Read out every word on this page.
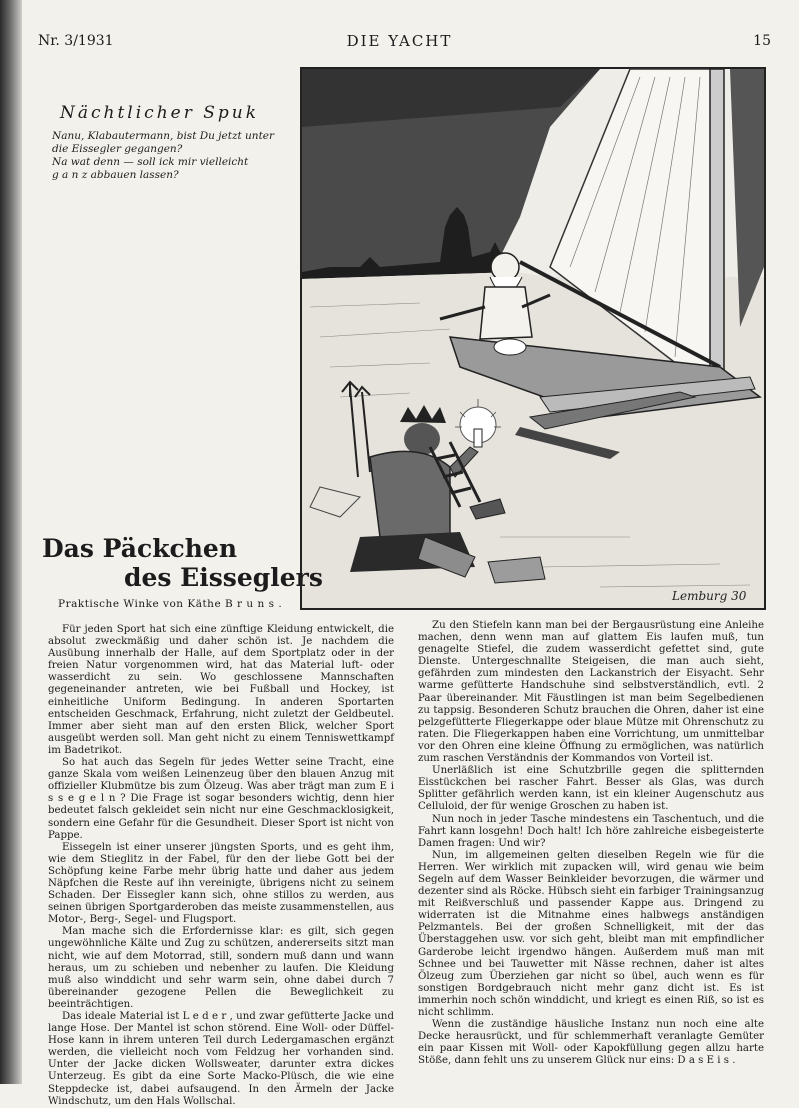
Nr. 3/1931	DIE YACHT	15
Nächtlicher Spuk
Nanu, Klabautermann, bist Du jetzt unter
die Eissegler gegangen?
Na wat denn — soll ick mir vielleicht
g a n z abbauen lassen?
Lemburg 30
Das Päckchen
des Eisseglers
Praktische Winke von Käthe B r u n s .

Für jeden Sport hat sich eine zünftige Kleidung entwickelt, die absolut zweckmäßig und daher schön ist. Je nachdem die Ausübung innerhalb der Halle, auf dem Sportplatz oder in der freien Natur vorgenommen wird, hat das Material luft- oder wasserdicht zu sein. Wo geschlossene Mannschaften gegeneinander antreten, wie bei Fußball und Hockey, ist einheitliche Uniform Bedingung. In anderen Sportarten entscheiden Geschmack, Erfahrung, nicht zuletzt der Geldbeutel. Immer aber sieht man auf den ersten Blick, welcher Sport ausgeübt werden soll. Man geht nicht zu einem Tenniswettkampf im Badetrikot.

So hat auch das Segeln für jedes Wetter seine Tracht, eine ganze Skala vom weißen Leinenzeug über den blauen Anzug mit offizieller Klubmütze bis zum Ölzeug. Was aber trägt man zum E i s s e g e l n ? Die Frage ist sogar besonders wichtig, denn hier bedeutet falsch gekleidet sein nicht nur eine Geschmacklosigkeit, sondern eine Gefahr für die Gesundheit. Dieser Sport ist nicht von Pappe.

Eissegeln ist einer unserer jüngsten Sports, und es geht ihm, wie dem Stieglitz in der Fabel, für den der liebe Gott bei der Schöpfung keine Farbe mehr übrig hatte und daher aus jedem Näpfchen die Reste auf ihn vereinigte, übrigens nicht zu seinem Schaden. Der Eissegler kann sich, ohne stillos zu werden, aus seinen übrigen Sportgarderoben das meiste zusammenstellen, aus Motor-, Berg-, Segel- und Flugsport.

Man mache sich die Erfordernisse klar: es gilt, sich gegen ungewöhnliche Kälte und Zug zu schützen, andererseits sitzt man nicht, wie auf dem Motorrad, still, sondern muß dann und wann heraus, um zu schieben und nebenher zu laufen. Die Kleidung muß also winddicht und sehr warm sein, ohne dabei durch 7 übereinander gezogene Pellen die Beweglichkeit zu beeinträchtigen.

Das ideale Material ist L e d e r , und zwar gefütterte Jacke und lange Hose. Der Mantel ist schon störend. Eine Woll- oder Düffel-Hose kann in ihrem unteren Teil durch Ledergamaschen ergänzt werden, die vielleicht noch vom Feldzug her vorhanden sind. Unter der Jacke dicken Wollsweater, darunter extra dickes Unterzeug. Es gibt da eine Sorte Macko-Plüsch, die wie eine Steppdecke ist, dabei aufsaugend. In den Ärmeln der Jacke Windschutz, um den Hals Wollschal.

Zu den Stiefeln kann man bei der Bergausrüstung eine Anleihe machen, denn wenn man auf glattem Eis laufen muß, tun genagelte Stiefel, die zudem wasserdicht gefettet sind, gute Dienste. Untergeschnallte Steigeisen, die man auch sieht, gefährden zum mindesten den Lackanstrich der Eisyacht. Sehr warme gefütterte Handschuhe sind selbstverständlich, evtl. 2 Paar übereinander. Mit Fäustlingen ist man beim Segelbedienen zu tappsig. Besonderen Schutz brauchen die Ohren, daher ist eine pelzgefütterte Fliegerkappe oder blaue Mütze mit Ohrenschutz zu raten. Die Fliegerkappen haben eine Vorrichtung, um unmittelbar vor den Ohren eine kleine Öffnung zu ermöglichen, was natürlich zum raschen Verständnis der Kommandos von Vorteil ist.

Unerläßlich ist eine Schutzbrille gegen die splitternden Eisstückchen bei rascher Fahrt. Besser als Glas, was durch Splitter gefährlich werden kann, ist ein kleiner Augenschutz aus Celluloid, der für wenige Groschen zu haben ist.

Nun noch in jeder Tasche mindestens ein Taschentuch, und die Fahrt kann losgehn! Doch halt! Ich höre zahlreiche eisbegeisterte Damen fragen: Und wir?

Nun, im allgemeinen gelten dieselben Regeln wie für die Herren. Wer wirklich mit zupacken will, wird genau wie beim Segeln auf dem Wasser Beinkleider bevorzugen, die wärmer und dezenter sind als Röcke. Hübsch sieht ein farbiger Trainingsanzug mit Reißverschluß und passender Kappe aus. Dringend zu widerraten ist die Mitnahme eines halbwegs anständigen Pelzmantels. Bei der großen Schnelligkeit, mit der das Überstaggehen usw. vor sich geht, bleibt man mit empfindlicher Garderobe leicht irgendwo hängen. Außerdem muß man mit Schnee und bei Tauwetter mit Nässe rechnen, daher ist altes Ölzeug zum Überziehen gar nicht so übel, auch wenn es für sonstigen Bordgebrauch nicht mehr ganz dicht ist. Es ist immerhin noch schön winddicht, und kriegt es einen Riß, so ist es nicht schlimm.

Wenn die zuständige häusliche Instanz nun noch eine alte Decke herausrückt, und für schlemmerhaft veranlagte Gemüter ein paar Kissen mit Woll- oder Kapokfüllung gegen allzu harte Stöße, dann fehlt uns zu unserem Glück nur eins: D a s E i s .
